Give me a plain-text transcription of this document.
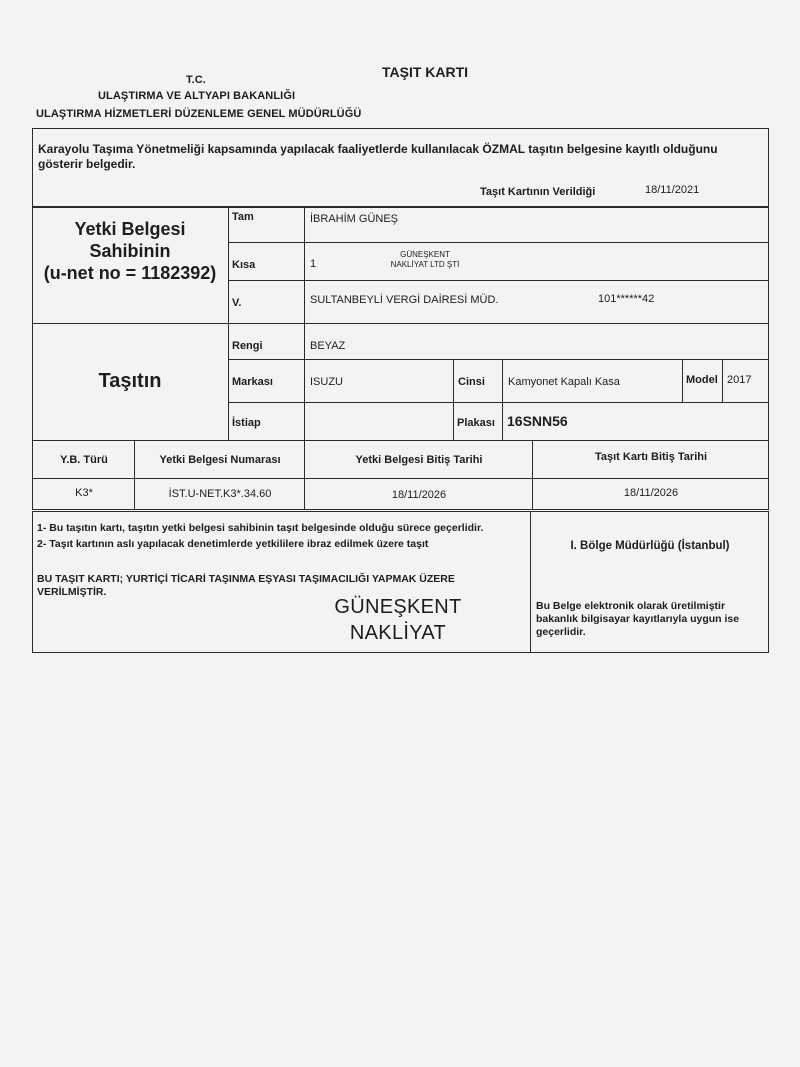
T.C.	TAŞIT KARTI
ULAŞTIRMA VE ALTYAPI BAKANLIĞI
ULAŞTIRMA HİZMETLERİ DÜZENLEME GENEL MÜDÜRLÜĞÜ
Karayolu Taşıma Yönetmeliği kapsamında yapılacak faaliyetlerde kullanılacak ÖZMAL taşıtın belgesine kayıtlı olduğunu gösterir belgedir.
Taşıt Kartının Verildiği	18/11/2021
Yetki Belgesi
Sahibinin
(u-net no = 1182392)
Tam	İBRAHİM GÜNEŞ
Kısa	1
GÜNEŞKENT
NAKLİYAT LTD ŞTİ
V.	SULTANBEYLİ VERGİ DAİRESİ MÜD.	101******42
Taşıtın
Rengi	BEYAZ
Markası	ISUZU	Cinsi Kamyonet Kapalı Kasa	Model 2017
İstiap	Plakası 16SNN56
Y.B. Türü	Yetki Belgesi Numarası	Yetki Belgesi Bitiş Tarihi	Taşıt Kartı Bitiş Tarihi
K3*	İST.U-NET.K3*.34.60	18/11/2026	18/11/2026
1- Bu taşıtın kartı, taşıtın yetki belgesi sahibinin taşıt belgesinde olduğu sürece geçerlidir.
2- Taşıt kartının aslı yapılacak denetimlerde yetkililere ibraz edilmek üzere taşıt
BU TAŞIT KARTI; YURTİÇİ TİCARİ TAŞINMA EŞYASI TAŞIMACILIĞI YAPMAK ÜZERE
VERİLMİŞTİR.
GÜNEŞKENT
NAKLİYAT
I. Bölge Müdürlüğü (İstanbul)
Bu Belge elektronik olarak üretilmiştir
bakanlık bilgisayar kayıtlarıyla uygun ise
geçerlidir.
